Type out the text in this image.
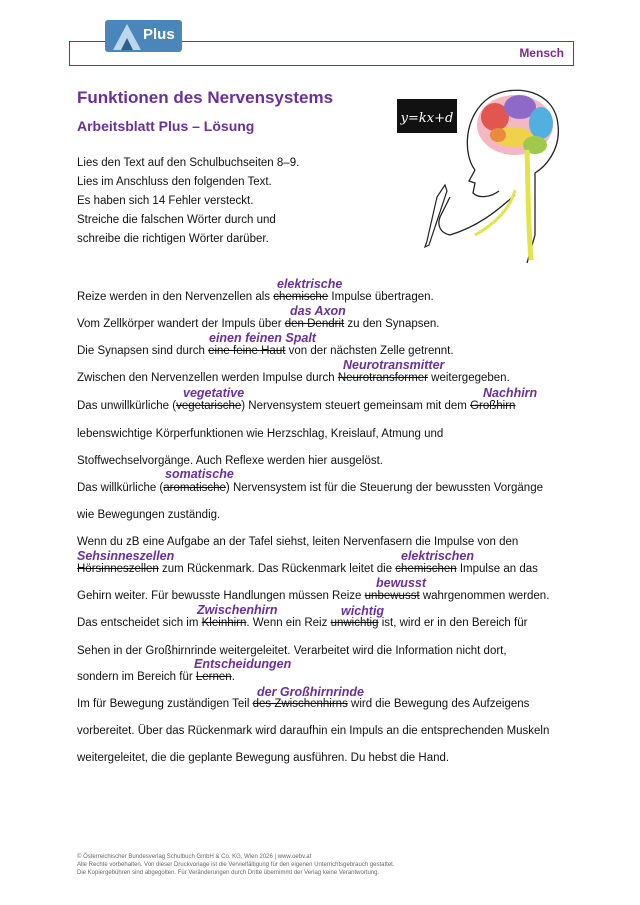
Plus
Mensch
Funktionen des Nervensystems
Arbeitsblatt Plus – Lösung
Lies den Text auf den Schulbuchseiten 8–9.
Lies im Anschluss den folgenden Text.
Es haben sich 14 Fehler versteckt.
Streiche die falschen Wörter durch und
schreibe die richtigen Wörter darüber.
y=kx+d
Reize werden in den Nervenzellen als chemische Impulse übertragen.
Vom Zellkörper wandert der Impuls über den Dendrit zu den Synapsen.
Die Synapsen sind durch eine feine Haut von der nächsten Zelle getrennt.
Zwischen den Nervenzellen werden Impulse durch Neurotransformer weitergegeben.
Das unwillkürliche (vegetarische) Nervensystem steuert gemeinsam mit dem Großhirn
lebenswichtige Körperfunktionen wie Herzschlag, Kreislauf, Atmung und
Stoffwechselvorgänge. Auch Reflexe werden hier ausgelöst.
Das willkürliche (aromatische) Nervensystem ist für die Steuerung der bewussten Vorgänge
wie Bewegungen zuständig.
Wenn du zB eine Aufgabe an der Tafel siehst, leiten Nervenfasern die Impulse von den
Hörsinneszellen zum Rückenmark. Das Rückenmark leitet die chemischen Impulse an das
Gehirn weiter. Für bewusste Handlungen müssen Reize unbewusst wahrgenommen werden.
Das entscheidet sich im Kleinhirn. Wenn ein Reiz unwichtig ist, wird er in den Bereich für
Sehen in der Großhirnrinde weitergeleitet. Verarbeitet wird die Information nicht dort,
sondern im Bereich für Lernen.
Im für Bewegung zuständigen Teil des Zwischenhirns wird die Bewegung des Aufzeigens
vorbereitet. Über das Rückenmark wird daraufhin ein Impuls an die entsprechenden Muskeln
weitergeleitet, die die geplante Bewegung ausführen. Du hebst die Hand.
elektrische
das Axon
einen feinen Spalt
Neurotransmitter
vegetative	Nachhirn
somatische
Sehsinneszellen	elektrischen
bewusst
Zwischenhirn	wichtig
Entscheidungen
der Großhirnrinde
© Österreichischer Bundesverlag Schulbuch GmbH & Co. KG, Wien 2026 | www.oebv.at
Alle Rechte vorbehalten. Von dieser Druckvorlage ist die Vervielfältigung für den eigenen Unterrichtsgebrauch gestattet.
Die Kopiergebühren sind abgegolten. Für Veränderungen durch Dritte übernimmt der Verlag keine Verantwortung.
